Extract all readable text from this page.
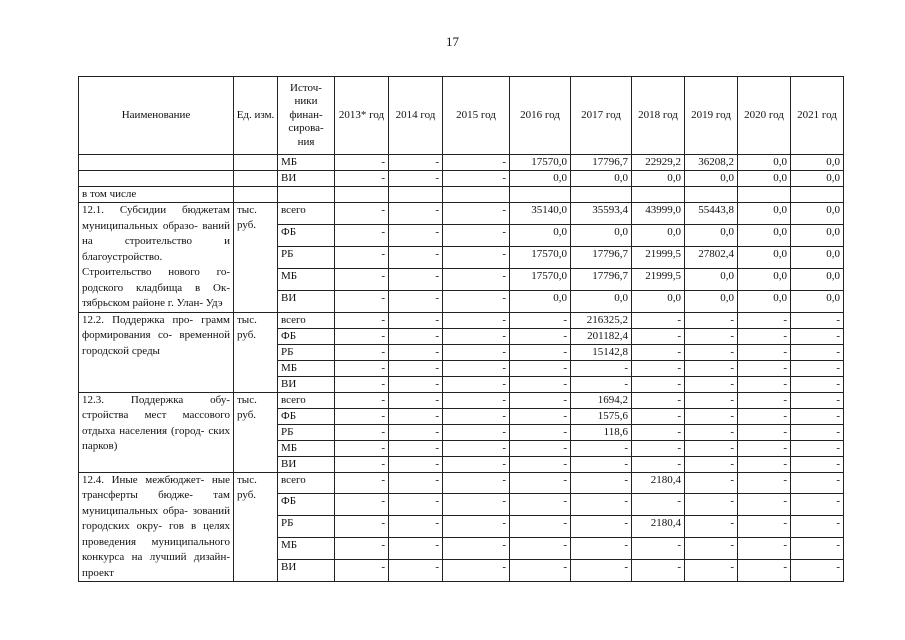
17
Наименование	Ед. изм.	Источ- ники финан- сирова- ния	2013* год	2014 год	2015 год	2016 год	2017 год	2018 год	2019 год	2020 год	2021 год
		МБ	-	-	-	17570,0	17796,7	22929,2	36208,2	0,0	0,0
		ВИ	-	-	-	0,0	0,0	0,0	0,0	0,0	0,0
в том числе											
12.1. Субсидии бюджетам муниципальных образо- ваний на строительство и благоустройство. Строительство нового го- родского кладбища в Ок- тябрьском районе г. Улан- Удэ	тыс. руб.	всего	-	-	-	35140,0	35593,4	43999,0	55443,8	0,0	0,0
		ФБ	-	-	-	0,0	0,0	0,0	0,0	0,0	0,0
		РБ	-	-	-	17570,0	17796,7	21999,5	27802,4	0,0	0,0
		МБ	-	-	-	17570,0	17796,7	21999,5	0,0	0,0	0,0
		ВИ	-	-	-	0,0	0,0	0,0	0,0	0,0	0,0
12.2. Поддержка про- грамм формирования со- временной городской среды	тыс. руб.	всего	-	-	-	-	216325,2	-	-	-	-
		ФБ	-	-	-	-	201182,4	-	-	-	-
		РБ	-	-	-	-	15142,8	-	-	-	-
		МБ	-	-	-	-	-	-	-	-	-
		ВИ	-	-	-	-	-	-	-	-	-
12.3. Поддержка обу- стройства мест массового отдыха населения (город- ских парков)	тыс. руб.	всего	-	-	-	-	1694,2	-	-	-	-
		ФБ	-	-	-	-	1575,6	-	-	-	-
		РБ	-	-	-	-	118,6	-	-	-	-
		МБ	-	-	-	-	-	-	-	-	-
		ВИ	-	-	-	-	-	-	-	-	-
12.4. Иные межбюджет- ные трансферты бюдже- там муниципальных обра- зований городских окру- гов в целях проведения муниципального конкурса на лучший дизайн-проект	тыс. руб.	всего	-	-	-	-	-	2180,4	-	-	-
		ФБ	-	-	-	-	-	-	-	-	-
		РБ	-	-	-	-	-	2180,4	-	-	-
		МБ	-	-	-	-	-	-	-	-	-
		ВИ	-	-	-	-	-	-	-	-	-
